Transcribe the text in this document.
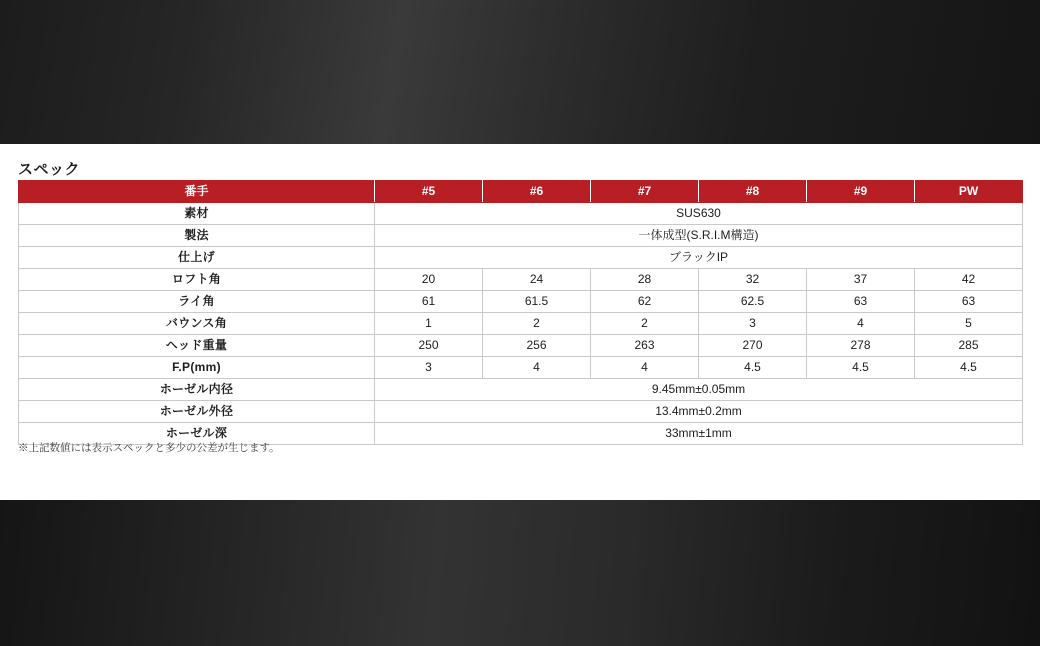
スペック
番手	#5	#6	#7	#8	#9	PW
素材	SUS630					
製法	一体成型(S.R.I.M構造)					
仕上げ	ブラックIP					
ロフト角	20	24	28	32	37	42
ライ角	61	61.5	62	62.5	63	63
バウンス角	1	2	2	3	4	5
ヘッド重量	250	256	263	270	278	285
F.P(mm)	3	4	4	4.5	4.5	4.5
ホーゼル内径	9.45mm±0.05mm					
ホーゼル外径	13.4mm±0.2mm					
ホーゼル深	33mm±1mm					
※上記数値には表示スペックと多少の公差が生じます。
